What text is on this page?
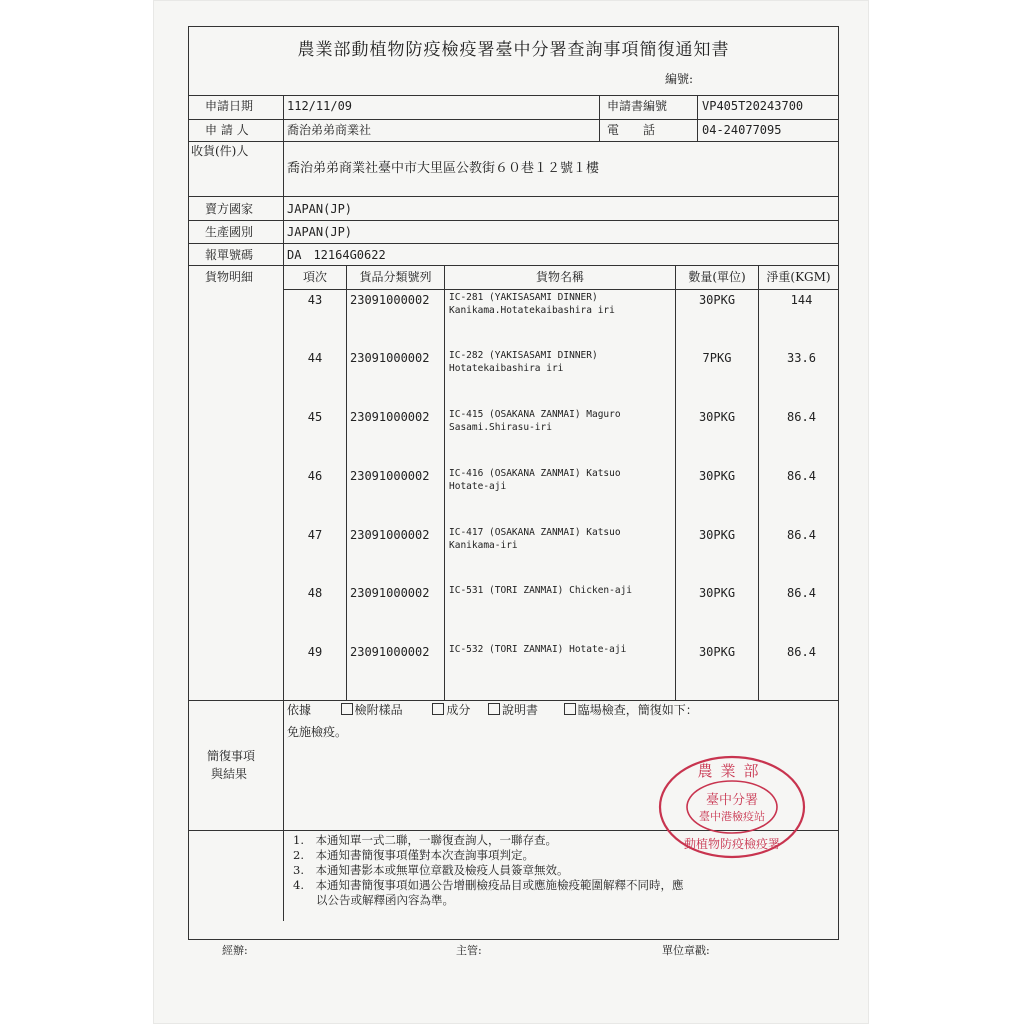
農業部動植物防疫檢疫署臺中分署查詢事項簡復通知書
編號:
申請日期	112/11/09	申請書編號	VP405T20243700
申 請 人	喬治弟弟商業社	電　　話	04-24077095
收貨(件)人
喬治弟弟商業社臺中市大里區公教街６０巷１２號１樓
賣方國家	JAPAN(JP)
生產國別	JAPAN(JP)
報單號碼	DA　12164G0622
貨物明細	項次	貨品分類號列	貨物名稱	數量(單位)	淨重(KGM)
43	23091000002 IC-281 (YAKISASAMI DINNER)
Kanikama.Hotatekaibashira iri
30PKG	144
44	23091000002 IC-282 (YAKISASAMI DINNER)
Hotatekaibashira iri
7PKG	33.6
45	23091000002 IC-415 (OSAKANA ZANMAI) Maguro
Sasami.Shirasu-iri
30PKG	86.4
46	23091000002 IC-416 (OSAKANA ZANMAI) Katsuo
Hotate-aji
30PKG	86.4
47	23091000002 IC-417 (OSAKANA ZANMAI) Katsuo
Kanikama-iri
30PKG	86.4
48	23091000002 IC-531 (TORI ZANMAI) Chicken-aji	30PKG	86.4
49	23091000002 IC-532 (TORI ZANMAI) Hotate-aji	30PKG	86.4
簡復事項
與結果
依據	檢附樣品	成分	說明書	臨場檢查，簡復如下：
免施檢疫。
1.　本通知單一式二聯，一聯復查詢人，一聯存查。
2.　本通知書簡復事項僅對本次查詢事項判定。
3.　本通知書影本或無單位章戳及檢疫人員簽章無效。
4.　本通知書簡復事項如遇公告增刪檢疫品目或應施檢疫範圍解釋不同時，應
　　以公告或解釋函內容為準。
農業部
臺中分署
臺中港檢疫站
動植物防疫檢疫署
經辦:	主管:	單位章戳:
